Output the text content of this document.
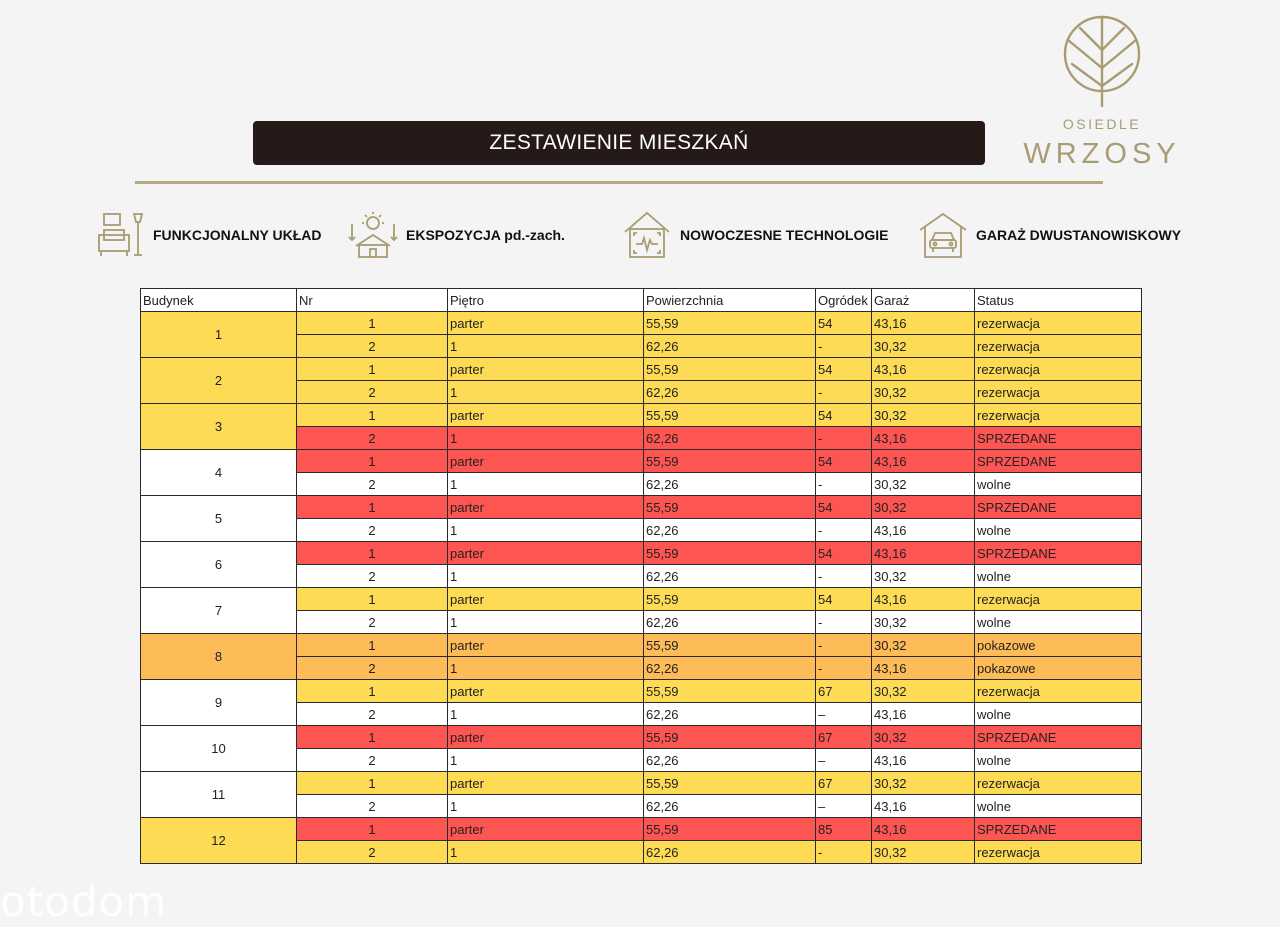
ZESTAWIENIE MIESZKAŃ
OSIEDLE
WRZOSY
FUNKCJONALNY UKŁAD	EKSPOZYCJA pd.-zach.	NOWOCZESNE TECHNOLOGIE	GARAŻ DWUSTANOWISKOWY
Budynek	Nr	Piętro	Powierzchnia	Ogródek	Garaż	Status
1	1	parter	55,59	54	43,16	rezerwacja
	2	1	62,26	-	30,32	rezerwacja
2	1	parter	55,59	54	43,16	rezerwacja
	2	1	62,26	-	30,32	rezerwacja
3	1	parter	55,59	54	30,32	rezerwacja
	2	1	62,26	-	43,16	SPRZEDANE
4	1	parter	55,59	54	43,16	SPRZEDANE
	2	1	62,26	-	30,32	wolne
5	1	parter	55,59	54	30,32	SPRZEDANE
	2	1	62,26	-	43,16	wolne
6	1	parter	55,59	54	43,16	SPRZEDANE
	2	1	62,26	-	30,32	wolne
7	1	parter	55,59	54	43,16	rezerwacja
	2	1	62,26	-	30,32	wolne
8	1	parter	55,59	-	30,32	pokazowe
	2	1	62,26	-	43,16	pokazowe
9	1	parter	55,59	67	30,32	rezerwacja
	2	1	62,26	–	43,16	wolne
10	1	parter	55,59	67	30,32	SPRZEDANE
	2	1	62,26	–	43,16	wolne
11	1	parter	55,59	67	30,32	rezerwacja
	2	1	62,26	–	43,16	wolne
12	1	parter	55,59	85	43,16	SPRZEDANE
	2	1	62,26	-	30,32	rezerwacja
otodom
